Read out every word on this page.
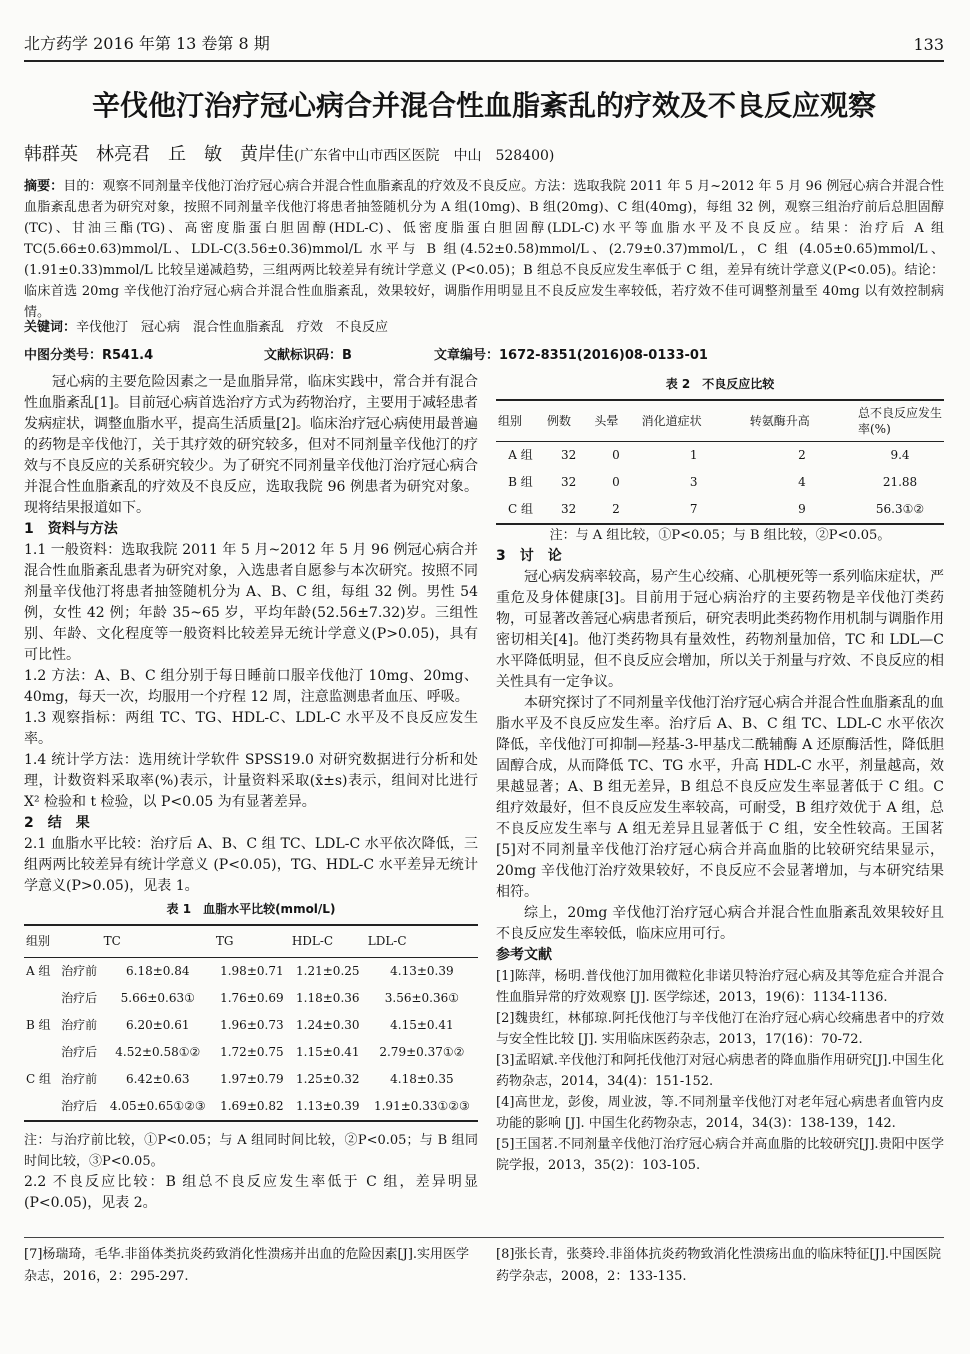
北方药学 2016 年第 13 卷第 8 期	133
辛伐他汀治疗冠心病合并混合性血脂紊乱的疗效及不良反应观察
韩群英　林亮君　丘　敏　黄岸佳(广东省中山市西区医院　中山　528400)
摘要：目的：观察不同剂量辛伐他汀治疗冠心病合并混合性血脂紊乱的疗效及不良反应。方法：选取我院 2011 年 5 月~2012 年 5 月 96 例冠心病合并混合性血脂紊乱患者为研究对象，按照不同剂量辛伐他汀将患者抽签随机分为 A 组(10mg)、B 组(20mg)、C 组(40mg)，每组 32 例，观察三组治疗前后总胆固醇(TC)、甘油三酯(TG)、高密度脂蛋白胆固醇(HDL-C)、低密度脂蛋白胆固醇(LDL-C)水平等血脂水平及不良反应。结果：治疗后 A 组 TC(5.66±0.63)mmol/L、LDL-C(3.56±0.36)mmol/L 水平与 B 组(4.52±0.58)mmol/L、(2.79±0.37)mmol/L，C 组 (4.05±0.65)mmol/L、(1.91±0.33)mmol/L 比较呈递减趋势，三组两两比较差异有统计学意义 (P<0.05)；B 组总不良反应发生率低于 C 组，差异有统计学意义(P<0.05)。结论：临床首选 20mg 辛伐他汀治疗冠心病合并混合性血脂紊乱，效果较好，调脂作用明显且不良反应发生率较低，若疗效不佳可调整剂量至 40mg 以有效控制病情。
关键词：辛伐他汀　冠心病　混合性血脂紊乱　疗效　不良反应
中图分类号：R541.4	文献标识码：B	文章编号：1672-8351(2016)08-0133-01

冠心病的主要危险因素之一是血脂异常，临床实践中，常合并有混合性血脂紊乱[1]。目前冠心病首选治疗方式为药物治疗，主要用于减轻患者发病症状，调整血脂水平，提高生活质量[2]。临床治疗冠心病使用最普遍的药物是辛伐他汀，关于其疗效的研究较多，但对不同剂量辛伐他汀的疗效与不良反应的关系研究较少。为了研究不同剂量辛伐他汀治疗冠心病合并混合性血脂紊乱的疗效及不良反应，选取我院 96 例患者为研究对象。现将结果报道如下。

1　资料与方法

1.1 一般资料：选取我院 2011 年 5 月~2012 年 5 月 96 例冠心病合并混合性血脂紊乱患者为研究对象，入选患者自愿参与本次研究。按照不同剂量辛伐他汀将患者抽签随机分为 A、B、C 组，每组 32 例。男性 54 例，女性 42 例；年龄 35~65 岁，平均年龄(52.56±7.32)岁。三组性别、年龄、文化程度等一般资料比较差异无统计学意义(P>0.05)，具有可比性。

1.2 方法：A、B、C 组分别于每日睡前口服辛伐他汀 10mg、20mg、40mg，每天一次，均服用一个疗程 12 周，注意监测患者血压、呼吸。

1.3 观察指标：两组 TC、TG、HDL-C、LDL-C 水平及不良反应发生率。

1.4 统计学方法：选用统计学软件 SPSS19.0 对研究数据进行分析和处理，计数资料采取率(%)表示，计量资料采取(x̄±s)表示，组间对比进行 X² 检验和 t 检验，以 P<0.05 为有显著差异。

2　结　果

2.1 血脂水平比较：治疗后 A、B、C 组 TC、LDL-C 水平依次降低，三组两两比较差异有统计学意义 (P<0.05)，TG、HDL-C 水平差异无统计学意义(P>0.05)，见表 1。

表 1　血脂水平比较(mmol/L)
组别		TC	TG	HDL-C	LDL-C
A 组	治疗前	6.18±0.84	1.98±0.71	1.21±0.25	4.13±0.39
	治疗后	5.66±0.63①	1.76±0.69	1.18±0.36	3.56±0.36①
B 组	治疗前	6.20±0.61	1.96±0.73	1.24±0.30	4.15±0.41
	治疗后	4.52±0.58①②	1.72±0.75	1.15±0.41	2.79±0.37①②
C 组	治疗前	6.42±0.63	1.97±0.79	1.25±0.32	4.18±0.35
	治疗后	4.05±0.65①②③	1.69±0.82	1.13±0.39	1.91±0.33①②③

注：与治疗前比较，①P<0.05；与 A 组同时间比较，②P<0.05；与 B 组同时间比较，③P<0.05。

2.2 不良反应比较：B 组总不良反应发生率低于 C 组，差异明显(P<0.05)，见表 2。

表 2　不良反应比较
组别	例数	头晕	消化道症状	转氨酶升高	总不良反应发生率(%)
A 组	32	0	1	2	9.4
B 组	32	0	3	4	21.88
C 组	32	2	7	9	56.3①②

注：与 A 组比较，①P<0.05；与 B 组比较，②P<0.05。

3　讨　论

冠心病发病率较高，易产生心绞痛、心肌梗死等一系列临床症状，严重危及身体健康[3]。目前用于冠心病治疗的主要药物是辛伐他汀类药物，可显著改善冠心病患者预后，研究表明此类药物作用机制与调脂作用密切相关[4]。他汀类药物具有量效性，药物剂量加倍，TC 和 LDL—C 水平降低明显，但不良反应会增加，所以关于剂量与疗效、不良反应的相关性具有一定争议。

本研究探讨了不同剂量辛伐他汀治疗冠心病合并混合性血脂紊乱的血脂水平及不良反应发生率。治疗后 A、B、C 组 TC、LDL-C 水平依次降低，辛伐他汀可抑制—羟基-3-甲基戊二酰辅酶 A 还原酶活性，降低胆固醇合成，从而降低 TC、TG 水平，升高 HDL-C 水平，剂量越高，效果越显著；A、B 组无差异，B 组总不良反应发生率显著低于 C 组。C 组疗效最好，但不良反应发生率较高，可耐受，B 组疗效优于 A 组，总不良反应发生率与 A 组无差异且显著低于 C 组，安全性较高。王国茗[5]对不同剂量辛伐他汀治疗冠心病合并高血脂的比较研究结果显示，20mg 辛伐他汀治疗效果较好，不良反应不会显著增加，与本研究结果相符。

综上，20mg 辛伐他汀治疗冠心病合并混合性血脂紊乱效果较好且不良反应发生率较低，临床应用可行。

参考文献

[1]陈萍，杨明.普伐他汀加用微粒化非诺贝特治疗冠心病及其等危症合并混合性血脂异常的疗效观察 [J]. 医学综述，2013，19(6)：1134-1136.

[2]魏贵红，林郁琼.阿托伐他汀与辛伐他汀在治疗冠心病心绞痛患者中的疗效与安全性比较 [J]. 实用临床医药杂志，2013，17(16)：70-72.

[3]孟昭斌.辛伐他汀和阿托伐他汀对冠心病患者的降血脂作用研究[J].中国生化药物杂志，2014，34(4)：151-152.

[4]高世龙，彭俊，周业波，等.不同剂量辛伐他汀对老年冠心病患者血管内皮功能的影响 [J]. 中国生化药物杂志，2014，34(3)：138-139，142.

[5]王国茗.不同剂量辛伐他汀治疗冠心病合并高血脂的比较研究[J].贵阳中医学院学报，2013，35(2)：103-105.

[7]杨瑞琦，毛华.非甾体类抗炎药致消化性溃疡并出血的危险因素[J].实用医学杂志，2016，2：295-297.
[8]张长青，张葵玲.非甾体抗炎药物致消化性溃疡出血的临床特征[J].中国医院药学杂志，2008，2：133-135.
